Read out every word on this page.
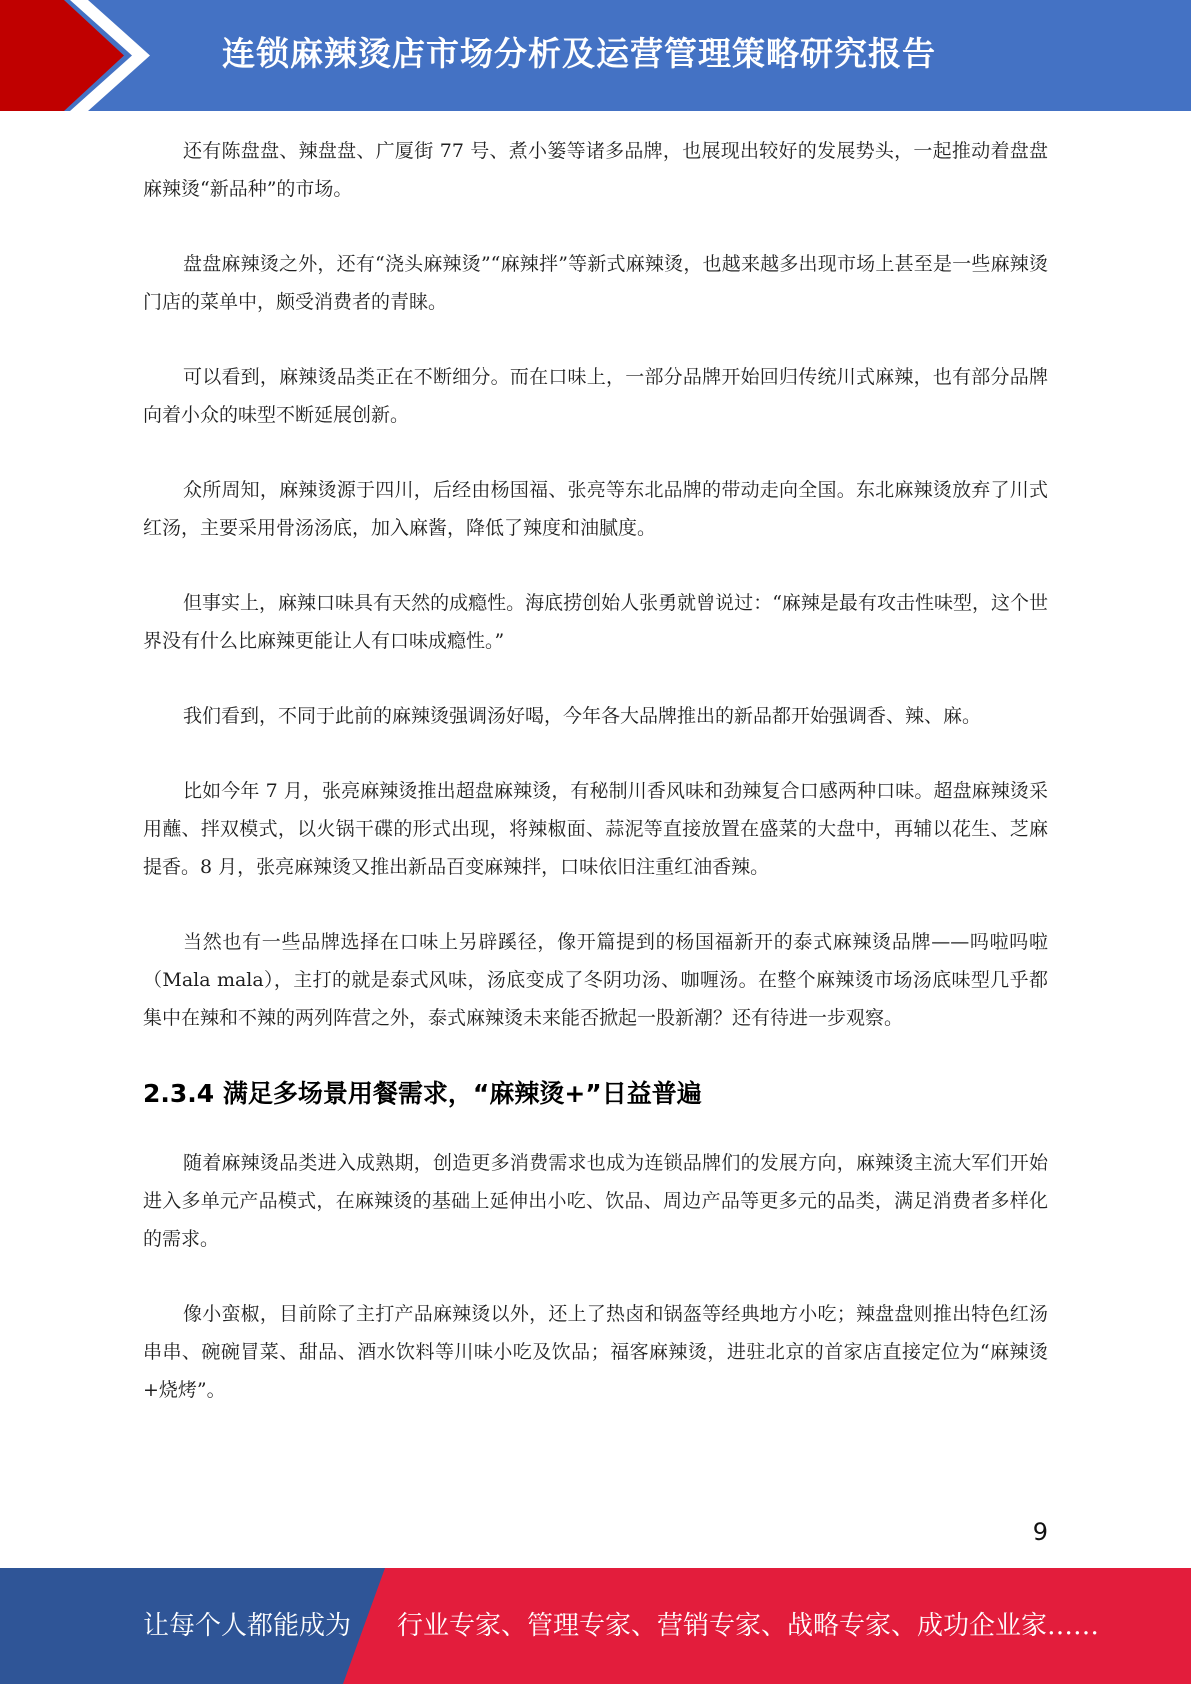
连锁麻辣烫店市场分析及运营管理策略研究报告

还有陈盘盘、辣盘盘、广厦街 77 号、煮小篓等诸多品牌，也展现出较好的发展势头，一起推动着盘盘麻辣烫“新品种”的市场。

盘盘麻辣烫之外，还有“浇头麻辣烫”“麻辣拌”等新式麻辣烫，也越来越多出现市场上甚至是一些麻辣烫门店的菜单中，颇受消费者的青睐。

可以看到，麻辣烫品类正在不断细分。而在口味上，一部分品牌开始回归传统川式麻辣，也有部分品牌向着小众的味型不断延展创新。

众所周知，麻辣烫源于四川，后经由杨国福、张亮等东北品牌的带动走向全国。东北麻辣烫放弃了川式红汤，主要采用骨汤汤底，加入麻酱，降低了辣度和油腻度。

但事实上，麻辣口味具有天然的成瘾性。海底捞创始人张勇就曾说过：“麻辣是最有攻击性味型，这个世界没有什么比麻辣更能让人有口味成瘾性。”

我们看到，不同于此前的麻辣烫强调汤好喝，今年各大品牌推出的新品都开始强调香、辣、麻。

比如今年 7 月，张亮麻辣烫推出超盘麻辣烫，有秘制川香风味和劲辣复合口感两种口味。超盘麻辣烫采用蘸、拌双模式，以火锅干碟的形式出现，将辣椒面、蒜泥等直接放置在盛菜的大盘中，再辅以花生、芝麻提香。8 月，张亮麻辣烫又推出新品百变麻辣拌，口味依旧注重红油香辣。

当然也有一些品牌选择在口味上另辟蹊径，像开篇提到的杨国福新开的泰式麻辣烫品牌——吗啦吗啦（Mala mala），主打的就是泰式风味，汤底变成了冬阴功汤、咖喱汤。在整个麻辣烫市场汤底味型几乎都集中在辣和不辣的两列阵营之外，泰式麻辣烫未来能否掀起一股新潮？还有待进一步观察。

2.3.4 满足多场景用餐需求，“麻辣烫+”日益普遍

随着麻辣烫品类进入成熟期，创造更多消费需求也成为连锁品牌们的发展方向，麻辣烫主流大军们开始进入多单元产品模式，在麻辣烫的基础上延伸出小吃、饮品、周边产品等更多元的品类，满足消费者多样化的需求。

像小蛮椒，目前除了主打产品麻辣烫以外，还上了热卤和锅盔等经典地方小吃；辣盘盘则推出特色红汤串串、碗碗冒菜、甜品、酒水饮料等川味小吃及饮品；福客麻辣烫，进驻北京的首家店直接定位为“麻辣烫+烧烤”。

9
让每个人都能成为 行业专家、管理专家、营销专家、战略专家、成功企业家……
